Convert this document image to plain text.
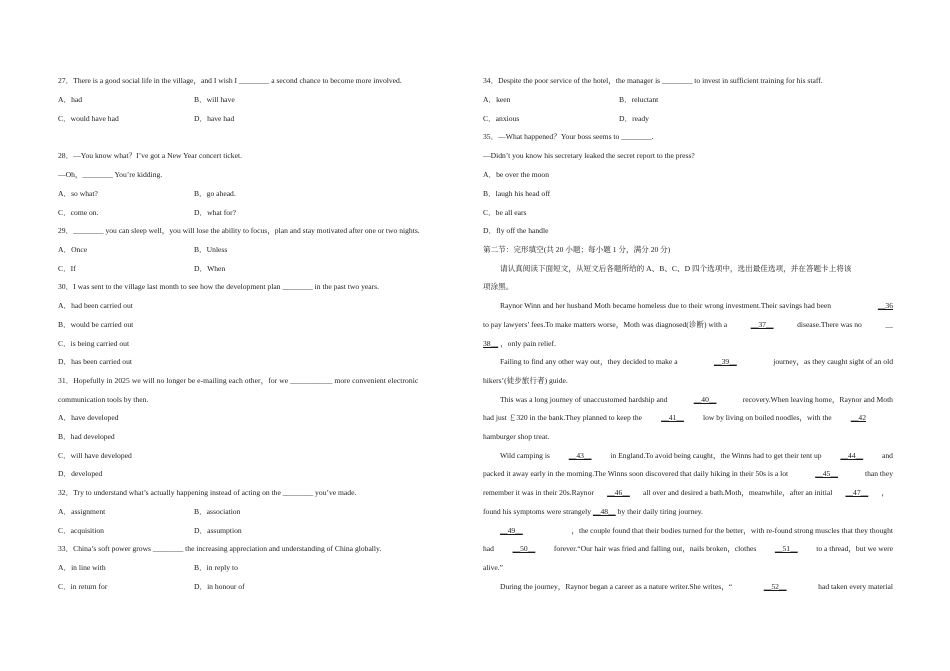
27．There is a good social life in the village，and I wish I ________ a second chance to become more involved.
A．had	B．will have
C．would have had	D．have had
28．—You know what？I’ve got a New Year concert ticket.
—Oh，________ You’re kidding.
A．so what?	B．go ahead.
C．come on.	D．what for?
29．________ you can sleep well，you will lose the ability to focus，plan and stay motivated after one or two nights.
A．Once	B．Unless
C．If	D．When
30．I was sent to the village last month to see how the development plan ________ in the past two years.
A．had been carried out
B．would be carried out
C．is being carried out
D．has been carried out
31．Hopefully in 2025 we will no longer be e-mailing each other，for we ___________ more convenient electronic
communication tools by then.
A．have developed
B．had developed
C．will have developed
D．developed
32．Try to understand what’s actually happening instead of acting on the ________ you’ve made.
A．assignment	B．association
C．acquisition	D．assumption
33．China’s soft power grows ________ the increasing appreciation and understanding of China globally.
A．in line with	B．in reply to
C．in return for	D．in honour of
34．Despite the poor service of the hotel，the manager is ________ to invest in sufficient training for his staff.
A．keen	B．reluctant
C．anxious	D．ready
35．—What happened？Your boss seems to ________.
—Didn’t you know his secretary leaked the secret report to the press?
A．be over the moon
B．laugh his head off
C．be all ears
D．fly off the handle
第二节：完形填空(共 20 小题；每小题 1 分，满分 20 分)
请认真阅读下面短文，从短文后各题所给的 A、B、C、D 四个选项中，选出最佳选项，并在答题卡上将该
项涂黑。
Raynor Winn and her husband Moth became homeless due to their wrong investment.Their savings had been	__36
to pay lawyers’ fees.To make matters worse，Moth was diagnosed(诊断) with a	__37__	disease.There was no	__
38__ ，only pain relief.
Failing to find any other way out，they decided to make a	__39__	journey，as they caught sight of an old
hikers’(徒步旅行者) guide.
This was a long journey of unaccustomed hardship and	__40__	recovery.When leaving home，Raynor and Moth
had just ￡320 in the bank.They planned to keep the	__41__	low by living on boiled noodles，with the	__42
hamburger shop treat.
Wild camping is __43__ in England.To avoid being caught，the Winns had to get their tent up __44__ and
packed it away early in the morning.The Winns soon discovered that daily hiking in their 50s is a lot	__45__	than they
remember it was in their 20s.Raynor __46__ all over and desired a bath.Moth，meanwhile，after an initial __47__ ，
found his symptoms were strangely __48__ by their daily tiring journey.
__49__	，the couple found that their bodies turned for the better，with re-found strong muscles that they thought
had __50__ forever.“Our hair was fried and falling out，nails broken，clothes __51__ to a thread，but we were
alive.”
During the journey，Raynor began a career as a nature writer.She writes，“	__52__	had taken every material
